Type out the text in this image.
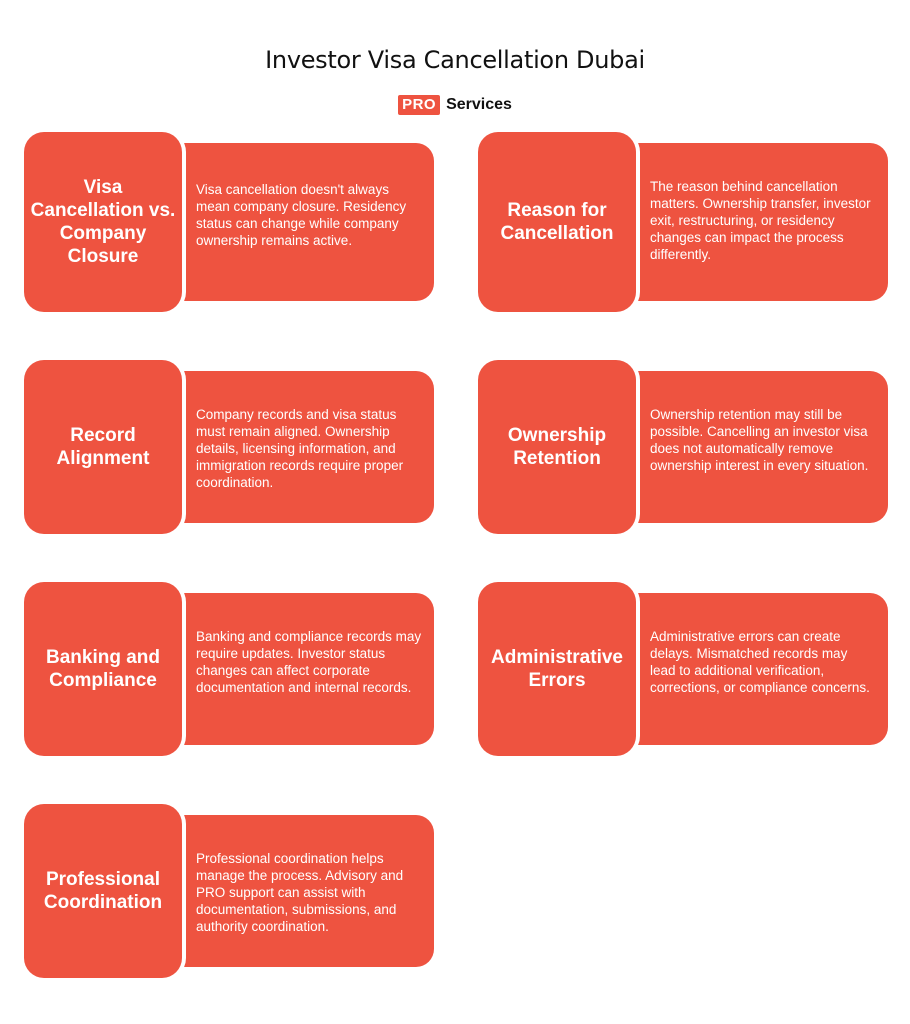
Investor Visa Cancellation Dubai
PRO Services
Visa Cancellation vs. Company Closure
Visa cancellation doesn't always mean company closure. Residency status can change while company ownership remains active.
Reason for Cancellation
The reason behind cancellation matters. Ownership transfer, investor exit, restructuring, or residency changes can impact the process differently.
Record Alignment
Company records and visa status must remain aligned. Ownership details, licensing information, and immigration records require proper coordination.
Ownership Retention
Ownership retention may still be possible. Cancelling an investor visa does not automatically remove ownership interest in every situation.
Banking and Compliance
Banking and compliance records may require updates. Investor status changes can affect corporate documentation and internal records.
Administrative Errors
Administrative errors can create delays. Mismatched records may lead to additional verification, corrections, or compliance concerns.
Professional Coordination
Professional coordination helps manage the process. Advisory and PRO support can assist with documentation, submissions, and authority coordination.
